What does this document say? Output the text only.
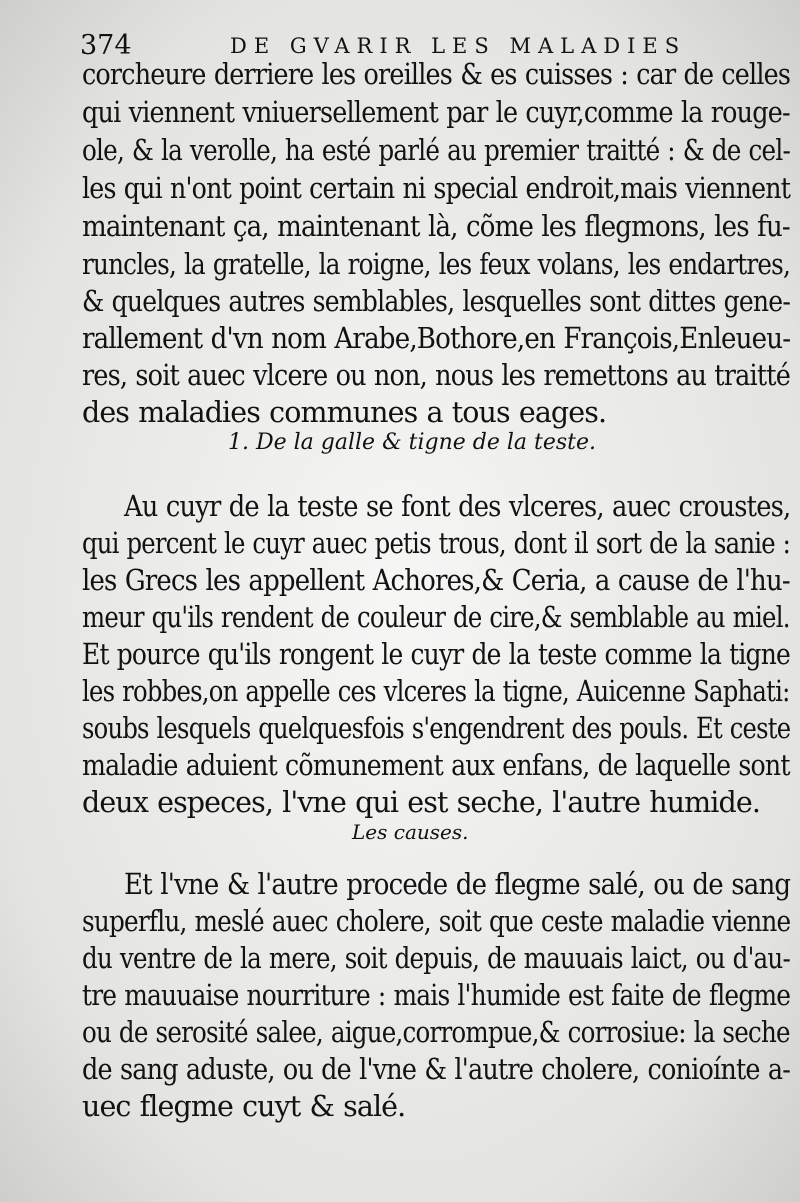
374	DE GVARIR LES MALADIES
corcheure derriere les oreilles & es cuisses : car de celles
qui viennent vniuersellement par le cuyr,comme la rouge-
ole, & la verolle, ha esté parlé au premier traitté : & de cel-
les qui n'ont point certain ni special endroit,mais viennent
maintenant ça, maintenant là, cõme les flegmons, les fu-
runcles, la gratelle, la roigne, les feux volans, les endartres,
& quelques autres semblables, lesquelles sont dittes gene-
rallement d'vn nom Arabe,Bothore,en François,Enleueu-
res, soit auec vlcere ou non, nous les remettons au traitté
des maladies communes a tous eages.
1. De la galle & tigne de la teste.
Au cuyr de la teste se font des vlceres, auec croustes,
qui percent le cuyr auec petis trous, dont il sort de la sanie :
les Grecs les appellent Achores,& Ceria, a cause de l'hu-
meur qu'ils rendent de couleur de cire,& semblable au miel.
Et pource qu'ils rongent le cuyr de la teste comme la tigne
les robbes,on appelle ces vlceres la tigne, Auicenne Saphati:
soubs lesquels quelquesfois s'engendrent des pouls. Et ceste
maladie aduient cõmunement aux enfans, de laquelle sont
deux especes, l'vne qui est seche, l'autre humide.
Les causes.
Et l'vne & l'autre procede de flegme salé, ou de sang
superflu, meslé auec cholere, soit que ceste maladie vienne
du ventre de la mere, soit depuis, de mauuais laict, ou d'au-
tre mauuaise nourriture : mais l'humide est faite de flegme
ou de serosité salee, aigue,corrompue,& corrosiue: la seche
de sang aduste, ou de l'vne & l'autre cholere, conioínte a-
uec flegme cuyt & salé.
